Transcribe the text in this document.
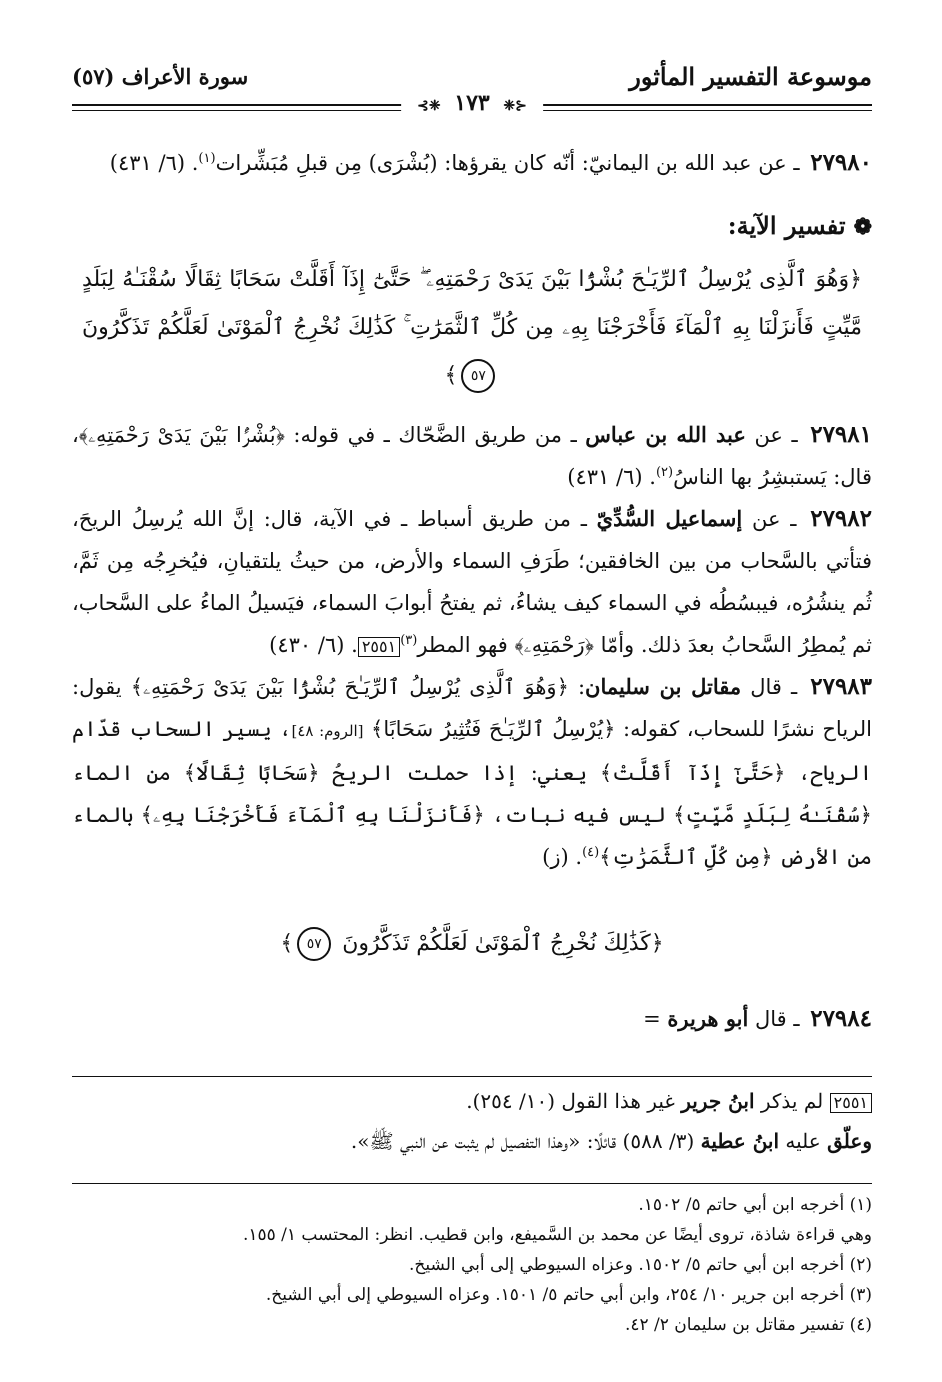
موسوعة التفسير المأثور
سورة الأعراف (٥٧)
⊰❈ ١٧٣ ❈⊱

٢٧٩٨٠ ـ عن عبد الله بن اليمانيّ: أنّه كان يقرؤها: (بُشْرَى) مِن قبلِ مُبَشِّرات$^{(١)}$. (٦/ ٤٣١)

❁تفسير الآية:
﴿وَهُوَ ٱلَّذِى يُرْسِلُ ٱلرِّيَـٰحَ بُشْرًۢا بَيْنَ يَدَىْ رَحْمَتِهِۦ ۖ حَتَّىٰٓ إِذَآ أَقَلَّتْ سَحَابًا ثِقَالًا سُقْنَـٰهُ لِبَلَدٍ مَّيِّتٍ فَأَنزَلْنَا بِهِ ٱلْمَآءَ فَأَخْرَجْنَا بِهِۦ مِن كُلِّ ٱلثَّمَرَٰتِ ۚ كَذَٰلِكَ نُخْرِجُ ٱلْمَوْتَىٰ لَعَلَّكُمْ تَذَكَّرُونَ ٥٧﴾

٢٧٩٨١ ـ عن عبد الله بن عباس ـ من طريق الضَّحّاك ـ في قوله: ﴿بُشْرًۢا بَيْنَ يَدَىْ رَحْمَتِهِۦ﴾، قال: يَستبشِرُ بها الناسُ$^{(٢)}$. (٦/ ٤٣١)

٢٧٩٨٢ ـ عن إسماعيل السُّدِّيّ ـ من طريق أسباط ـ في الآية، قال: إنَّ الله يُرسِلُ الريحَ، فتأتي بالسَّحاب من بين الخافقين؛ طَرَفِ السماء والأرض، من حيثُ يلتقيانِ، فيُخرِجُه مِن ثَمَّ، ثُم ينشُرُه، فيبسُطُه في السماء كيف يشاءُ، ثم يفتحُ أبوابَ السماء، فيَسيلُ الماءُ على السَّحاب، ثم يُمطِرُ السَّحابُ بعدَ ذلك. وأمّا ﴿رَحْمَتِهِۦ﴾ فهو المطر$^{(٣)}$٢٥٥١. (٦/ ٤٣٠)

٢٧٩٨٣ ـ قال مقاتل بن سليمان: ﴿وَهُوَ ٱلَّذِى يُرْسِلُ ٱلرِّيَـٰحَ بُشْرًۢا بَيْنَ يَدَىْ رَحْمَتِهِۦ﴾ يقول: الرياح نشرًا للسحاب، كقوله: ﴿يُرْسِلُ ٱلرِّيَـٰحَ فَتُثِيرُ سَحَابًا﴾ [الروم: ٤٨]، يسير السحاب قدّام الرياح، ﴿حَتَّىٰٓ إِذَآ أَقَلَّتْ﴾ يعني: إذا حملت الريحُ ﴿سَحَابًا ثِقَالًا﴾ من الماء ﴿سُقْنَـٰهُ لِبَلَدٍ مَّيِّتٍ﴾ ليس فيه نبات، ﴿فَأَنزَلْنَا بِهِ ٱلْمَآءَ فَأَخْرَجْنَا بِهِۦ﴾ بالماء من الأرض ﴿مِن كُلِّ ٱلثَّمَرَٰتِ﴾$^{(٤)}$. (ز)

﴿كَذَٰلِكَ نُخْرِجُ ٱلْمَوْتَىٰ لَعَلَّكُمْ تَذَكَّرُونَ ٥٧﴾

٢٧٩٨٤ ـ قال أبو هريرة =

٢٥٥١ لم يذكر ابنُ جرير غير هذا القول (١٠/ ٢٥٤).

وعلّق عليه ابنُ عطية (٣/ ٥٨٨) قائلًا: «وهذا التفصيل لم يثبت عن النبي ﷺ».

(١) أخرجه ابن أبي حاتم ٥/ ١٥٠٢.

وهي قراءة شاذة، تروى أيضًا عن محمد بن السَّميفع، وابن قطيب. انظر: المحتسب ١/ ١٥٥.

(٢) أخرجه ابن أبي حاتم ٥/ ١٥٠٢. وعزاه السيوطي إلى أبي الشيخ.

(٣) أخرجه ابن جرير ١٠/ ٢٥٤، وابن أبي حاتم ٥/ ١٥٠١. وعزاه السيوطي إلى أبي الشيخ.

(٤) تفسير مقاتل بن سليمان ٢/ ٤٢.
